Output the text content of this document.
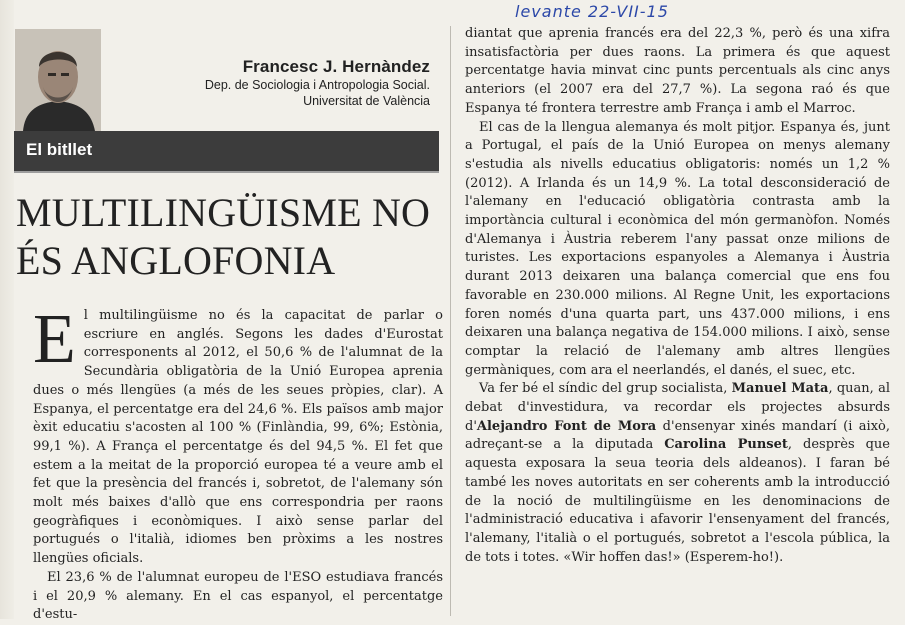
levante 22-VII-15
Francesc J. Hernàndez
Dep. de Sociologia i Antropologia Social.
Universitat de València
El bitllet
MULTILINGÜISME NO
ÉS ANGLOFONIA
E l multilingüisme no és la capacitat de parlar o escriure en anglés. Segons les dades d'Eurostat corresponents al 2012, el 50,6 % de l'alumnat de la Secundària obligatòria de la Unió Europea aprenia dues o més llengües (a més de les seues pròpies, clar). A Espanya, el percentatge era del 24,6 %. Els països amb major èxit educatiu s'acosten al 100 % (Finlàndia, 99, 6%; Estònia, 99,1 %). A França el percentatge és del 94,5 %. El fet que estem a la meitat de la proporció europea té a veure amb el fet que la presència del francés i, sobretot, de l'alemany són molt més baixes d'allò que ens correspondria per raons geogràfiques i econòmiques. I això sense parlar del portugués o l'italià, idiomes ben pròxims a les nostres llengües oficials.

El 23,6 % de l'alumnat europeu de l'ESO estudiava francés i el 20,9 % alemany. En el cas espanyol, el percentatge d'estu-

diantat que aprenia francés era del 22,3 %, però és una xifra insatisfactòria per dues raons. La primera és que aquest percentatge havia minvat cinc punts percentuals als cinc anys anteriors (el 2007 era del 27,7 %). La segona raó és que Espanya té frontera terrestre amb França i amb el Marroc.

El cas de la llengua alemanya és molt pitjor. Espanya és, junt a Portugal, el país de la Unió Europea on menys alemany s'estudia als nivells educatius obligatoris: només un 1,2 % (2012). A Irlanda és un 14,9 %. La total desconsideració de l'alemany en l'educació obligatòria contrasta amb la importància cultural i econòmica del món germanòfon. Només d'Alemanya i Àustria reberem l'any passat onze milions de turistes. Les exportacions espanyoles a Alemanya i Àustria durant 2013 deixaren una balança comercial que ens fou favorable en 230.000 milions. Al Regne Unit, les exportacions foren només d'una quarta part, uns 437.000 milions, i ens deixaren una balança negativa de 154.000 milions. I això, sense comptar la relació de l'alemany amb altres llengües germàniques, com ara el neerlandés, el danés, el suec, etc.

Va fer bé el síndic del grup socialista, Manuel Mata, quan, al debat d'investidura, va recordar els projectes absurds d'Alejandro Font de Mora d'ensenyar xinés mandarí (i això, adreçant-se a la diputada Carolina Punset, desprès que aquesta exposara la seua teoria dels aldeanos). I faran bé també les noves autoritats en ser coherents amb la introducció de la noció de multilingüisme en les denominacions de l'administració educativa i afavorir l'ensenyament del francés, l'alemany, l'italià o el portugués, sobretot a l'escola pública, la de tots i totes. «Wir hoffen das!» (Esperem-ho!).
